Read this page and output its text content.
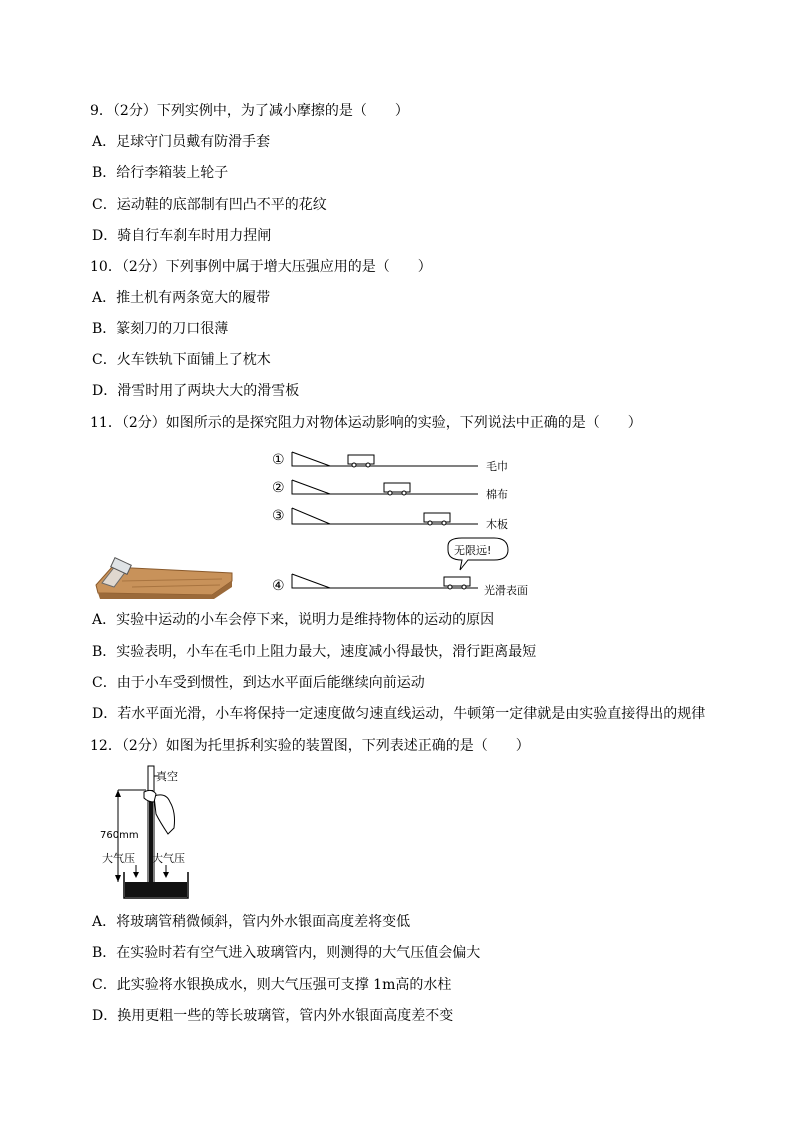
9．（2分）下列实例中，为了减小摩擦的是（　　）
A．足球守门员戴有防滑手套
B．给行李箱装上轮子
C．运动鞋的底部制有凹凸不平的花纹
D．骑自行车刹车时用力捏闸
10．（2分）下列事例中属于增大压强应用的是（　　）
A．推土机有两条宽大的履带
B．篆刻刀的刀口很薄
C．火车铁轨下面铺上了枕木
D．滑雪时用了两块大大的滑雪板
11．（2分）如图所示的是探究阻力对物体运动影响的实验，下列说法中正确的是（　　）
①	毛巾
②	棉布
③
木板
无限远!
④	光滑表面
A．实验中运动的小车会停下来，说明力是维持物体的运动的原因
B．实验表明，小车在毛巾上阻力最大，速度减小得最快，滑行距离最短
C．由于小车受到惯性，到达水平面后能继续向前运动
D．若水平面光滑，小车将保持一定速度做匀速直线运动，牛顿第一定律就是由实验直接得出的规律
12．（2分）如图为托里拆利实验的装置图，下列表述正确的是（　　）
真空
760mm
大气压 大气压
A．将玻璃管稍微倾斜，管内外水银面高度差将变低
B．在实验时若有空气进入玻璃管内，则测得的大气压值会偏大
C．此实验将水银换成水，则大气压强可支撑 1m高的水柱
D．换用更粗一些的等长玻璃管，管内外水银面高度差不变
